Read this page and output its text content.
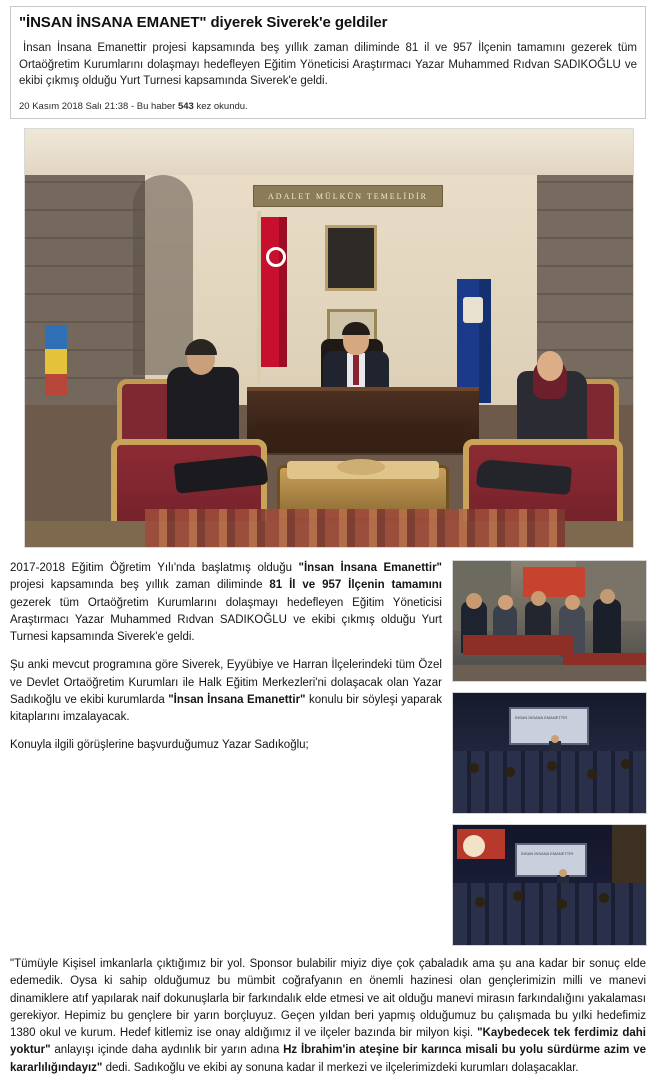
"İNSAN İNSANA EMANET" diyerek Siverek'e geldiler

İnsan İnsana Emanettir projesi kapsamında beş yıllık zaman diliminde 81 il ve 957 İlçenin tamamını gezerek tüm Ortaöğretim Kurumlarını dolaşmayı hedefleyen Eğitim Yöneticisi Araştırmacı Yazar Muhammed Rıdvan SADIKOĞLU ve ekibi çıkmış olduğu Yurt Turnesi kapsamında Siverek'e geldi.

20 Kasım 2018 Salı 21:38 - Bu haber 543 kez okundu.
ADALET MÜLKÜN TEMELİDİR

2017-2018 Eğitim Öğretim Yılı'nda başlatmış olduğu "İnsan İnsana Emanettir" projesi kapsamında beş yıllık zaman diliminde 81 İl ve 957 İlçenin tamamını gezerek tüm Ortaöğretim Kurumlarını dolaşmayı hedefleyen Eğitim Yöneticisi Araştırmacı Yazar Muhammed Rıdvan SADIKOĞLU ve ekibi çıkmış olduğu Yurt Turnesi kapsamında Siverek'e geldi.

Şu anki mevcut programına göre Siverek, Eyyübiye ve Harran İlçelerindeki tüm Özel ve Devlet Ortaöğretim Kurumları ile Halk Eğitim Merkezleri'ni dolaşacak olan Yazar Sadıkoğlu ve ekibi kurumlarda "İnsan İnsana Emanettir" konulu bir söyleşi yaparak kitaplarını imzalayacak.

Konuyla ilgili görüşlerine başvurduğumuz Yazar Sadıkoğlu;

İNSAN İNSANA EMANETTİR
İNSAN İNSANA EMANETTİR

"Tümüyle Kişisel imkanlarla çıktığımız bir yol. Sponsor bulabilir miyiz diye çok çabaladık ama şu ana kadar bir sonuç elde edemedik. Oysa ki sahip olduğumuz bu mümbit coğrafyanın en önemli hazinesi olan gençlerimizin milli ve manevi dinamiklere atıf yapılarak naif dokunuşlarla bir farkındalık elde etmesi ve ait olduğu manevi mirasın farkındalığını yakalaması gerekiyor. Hepimiz bu gençlere bir yarın borçluyuz. Geçen yıldan beri yapmış olduğumuz bu çalışmada bu yılki hedefimiz 1380 okul ve kurum. Hedef kitlemiz ise onay aldığımız il ve ilçeler bazında bir milyon kişi. "Kaybedecek tek ferdimiz dahi yoktur" anlayışı içinde daha aydınlık bir yarın adına Hz İbrahim'in ateşine bir karınca misali bu yolu sürdürme azim ve kararlılığındayız" dedi. Sadıkoğlu ve ekibi ay sonuna kadar il merkezi ve ilçelerimizdeki kurumları dolaşacaklar.
